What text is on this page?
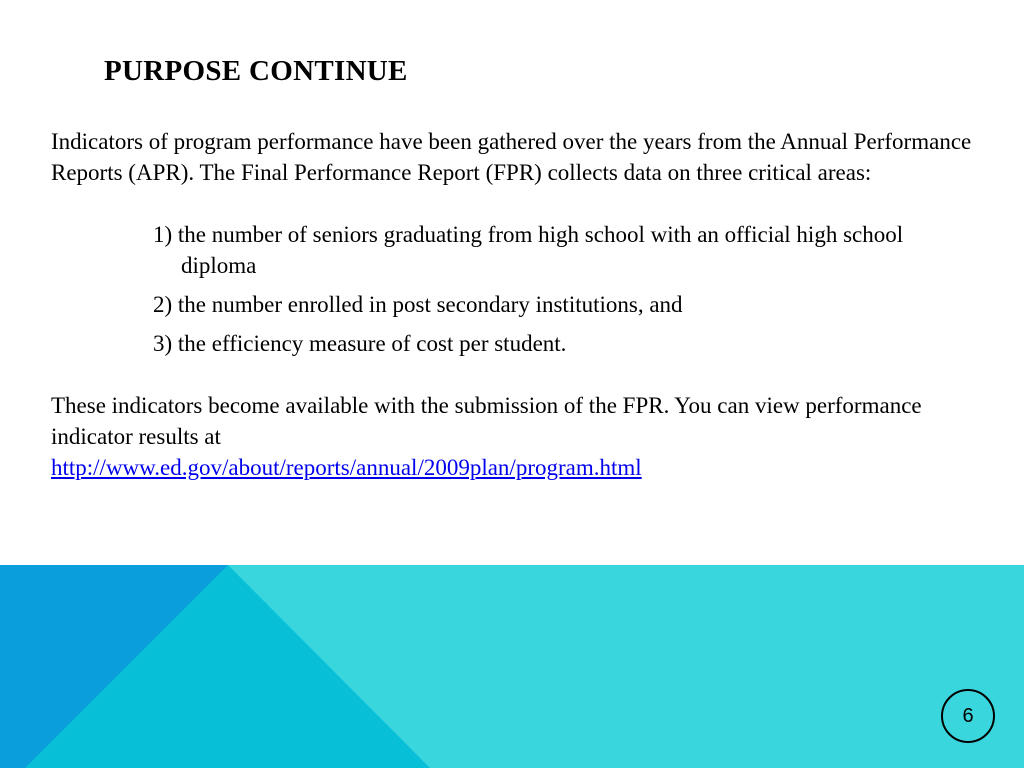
PURPOSE CONTINUE

Indicators of program performance have been gathered over the years from the Annual Performance Reports (APR). The Final Performance Report (FPR) collects data on three critical areas:

1) the number of seniors graduating from high school with an official high school diploma
2) the number enrolled in post secondary institutions, and
3) the efficiency measure of cost per student.

These indicators become available with the submission of the FPR. You can view performance indicator results at
http://www.ed.gov/about/reports/annual/2009plan/program.html

6
